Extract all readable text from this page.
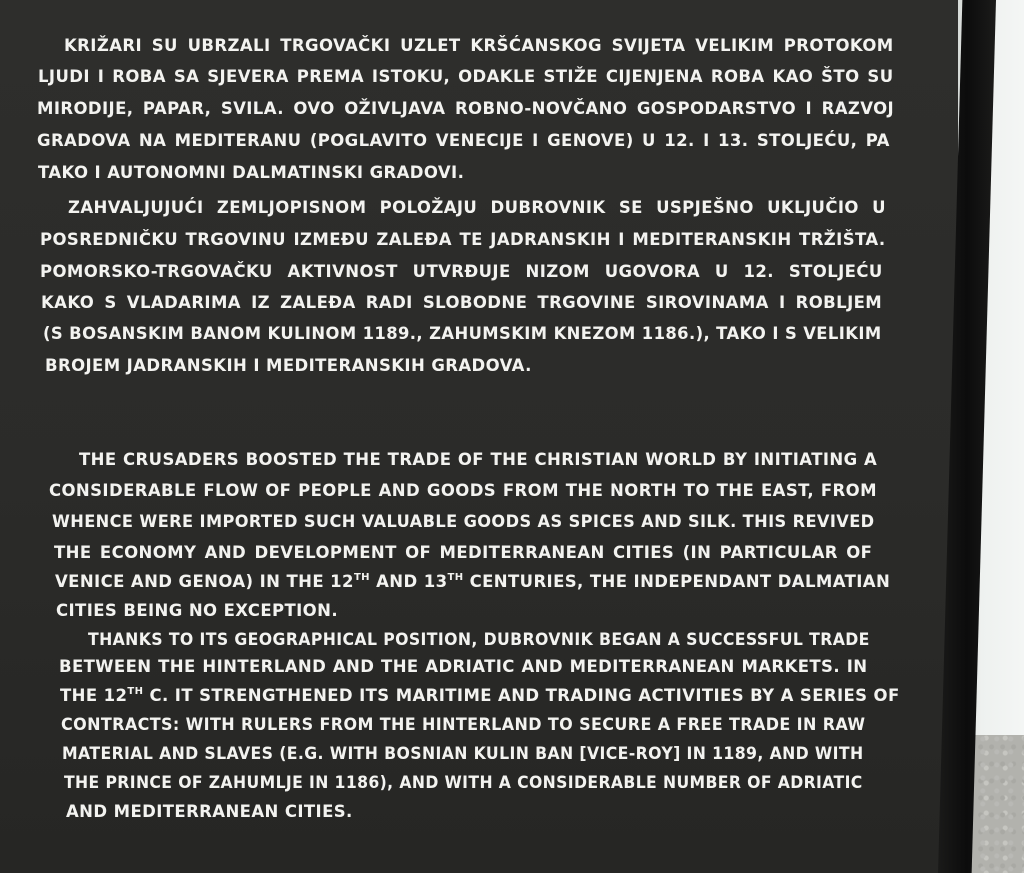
KRIŽARI SU UBRZALI TRGOVAČKI UZLET KRŠĆANSKOG SVIJETA VELIKIM PROTOKOM
LJUDI I ROBA SA SJEVERA PREMA ISTOKU, ODAKLE STIŽE CIJENJENA ROBA KAO ŠTO SU
MIRODIJE, PAPAR, SVILA. OVO OŽIVLJAVA ROBNO-NOVČANO GOSPODARSTVO I RAZVOJ
GRADOVA NA MEDITERANU (POGLAVITO VENECIJE I GENOVE) U 12. I 13. STOLJEĆU, PA
TAKO I AUTONOMNI DALMATINSKI GRADOVI.
ZAHVALJUJUĆI ZEMLJOPISNOM POLOŽAJU DUBROVNIK SE USPJEŠNO UKLJUČIO U
POSREDNIČKU TRGOVINU IZMEĐU ZALEĐA TE JADRANSKIH I MEDITERANSKIH TRŽIŠTA.
POMORSKO-TRGOVAČKU AKTIVNOST UTVRĐUJE NIZOM UGOVORA U 12. STOLJEĆU
KAKO S VLADARIMA IZ ZALEĐA RADI SLOBODNE TRGOVINE SIROVINAMA I ROBLJEM
(S BOSANSKIM BANOM KULINOM 1189., ZAHUMSKIM KNEZOM 1186.), TAKO I S VELIKIM
BROJEM JADRANSKIH I MEDITERANSKIH GRADOVA.
THE CRUSADERS BOOSTED THE TRADE OF THE CHRISTIAN WORLD BY INITIATING A
CONSIDERABLE FLOW OF PEOPLE AND GOODS FROM THE NORTH TO THE EAST, FROM
WHENCE WERE IMPORTED SUCH VALUABLE GOODS AS SPICES AND SILK. THIS REVIVED
THE ECONOMY AND DEVELOPMENT OF MEDITERRANEAN CITIES (IN PARTICULAR OF
VENICE AND GENOA) IN THE 12TH AND 13TH CENTURIES, THE INDEPENDANT DALMATIAN
CITIES BEING NO EXCEPTION.
THANKS TO ITS GEOGRAPHICAL POSITION, DUBROVNIK BEGAN A SUCCESSFUL TRADE
BETWEEN THE HINTERLAND AND THE ADRIATIC AND MEDITERRANEAN MARKETS. IN
THE 12TH C. IT STRENGTHENED ITS MARITIME AND TRADING ACTIVITIES BY A SERIES OF
CONTRACTS: WITH RULERS FROM THE HINTERLAND TO SECURE A FREE TRADE IN RAW
MATERIAL AND SLAVES (E.G. WITH BOSNIAN KULIN BAN [VICE-ROY] IN 1189, AND WITH
THE PRINCE OF ZAHUMLJE IN 1186), AND WITH A CONSIDERABLE NUMBER OF ADRIATIC
AND MEDITERRANEAN CITIES.
